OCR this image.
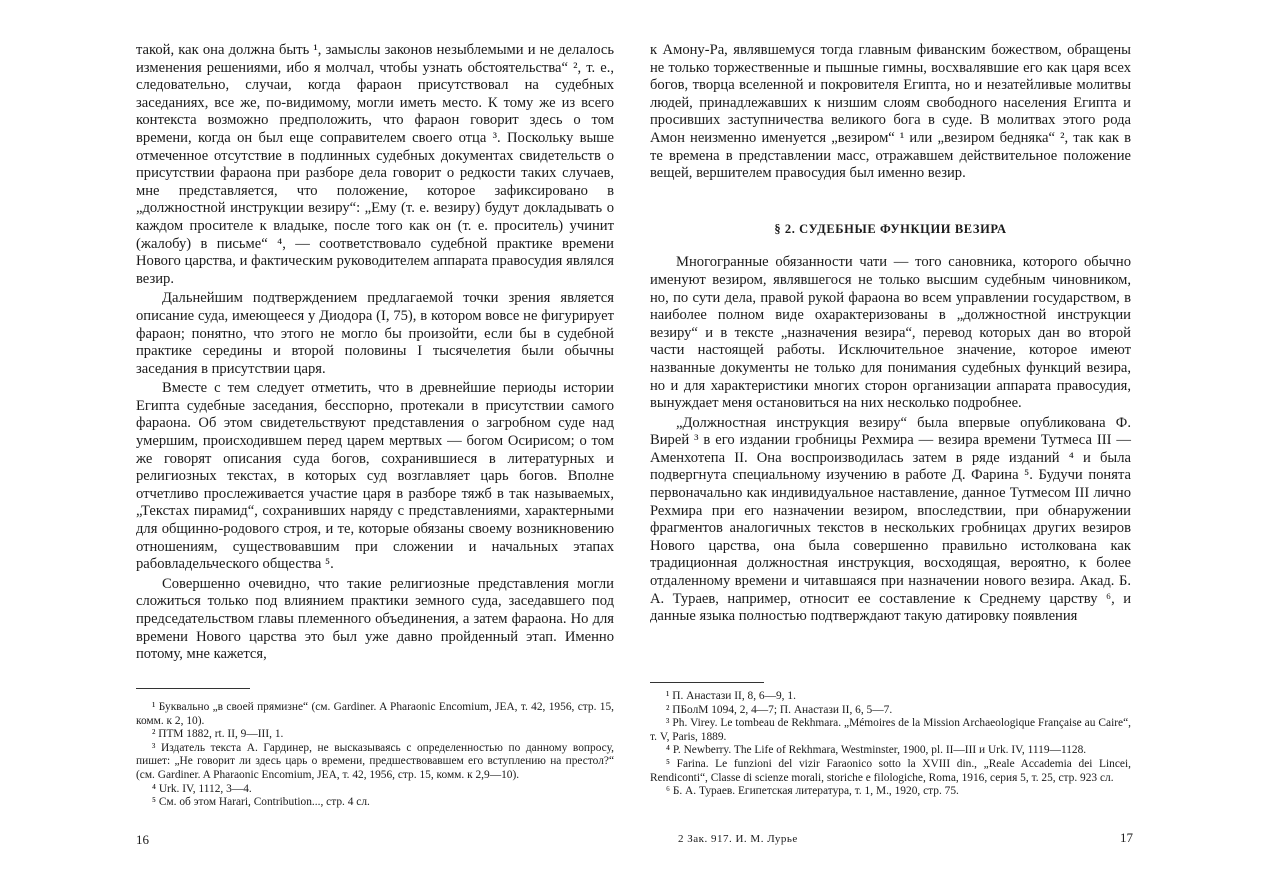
такой, как она должна быть ¹, замыслы законов незыблемыми и не делалось изменения решениями, ибо я молчал, чтобы узнать обстоятельства“ ², т. е., следовательно, случаи, когда фараон присутствовал на судебных заседаниях, все же, по-видимому, могли иметь место. К тому же из всего контекста возможно предположить, что фараон говорит здесь о том времени, когда он был еще соправителем своего отца ³. Поскольку выше отмеченное отсутствие в подлинных судебных документах свидетельств о присутствии фараона при разборе дела говорит о редкости таких случаев, мне представляется, что положение, которое зафиксировано в „должностной инструкции везиру“: „Ему (т. е. везиру) будут докладывать о каждом просителе к владыке, после того как он (т. е. проситель) учинит (жалобу) в письме“ ⁴, — соответствовало судебной практике времени Нового царства, и фактическим руководителем аппарата правосудия являлся везир.

Дальнейшим подтверждением предлагаемой точки зрения является описание суда, имеющееся у Диодора (I, 75), в котором вовсе не фигурирует фараон; понятно, что этого не могло бы произойти, если бы в судебной практике середины и второй половины I тысячелетия были обычны заседания в присутствии царя.

Вместе с тем следует отметить, что в древнейшие периоды истории Египта судебные заседания, бесспорно, протекали в присутствии самого фараона. Об этом свидетельствуют представления о загробном суде над умершим, происходившем перед царем мертвых — богом Осирисом; о том же говорят описания суда богов, сохранившиеся в литературных и религиозных текстах, в которых суд возглавляет царь богов. Вполне отчетливо прослеживается участие царя в разборе тяжб в так называемых, „Текстах пирамид“, сохранивших наряду с представлениями, характерными для общинно-родового строя, и те, которые обязаны своему возникновению отношениям, существовавшим при сложении и начальных этапах рабовладельческого общества ⁵.

Совершенно очевидно, что такие религиозные представления могли сложиться только под влиянием практики земного суда, заседавшего под председательством главы племенного объединения, а затем фараона. Но для времени Нового царства это был уже давно пройденный этап. Именно потому, мне кажется,

¹ Буквально „в своей прямизне“ (см. Gardiner. A Pharaonic Encomium, JEA, т. 42, 1956, стр. 15, комм. к 2, 10).

² ПТМ 1882, rt. II, 9—III, 1.

³ Издатель текста А. Гардинер, не высказываясь с определенностью по данному вопросу, пишет: „Не говорит ли здесь царь о времени, предшествовавшем его вступлению на престол?“ (см. Gardiner. A Pharaonic Encomium, JEA, т. 42, 1956, стр. 15, комм. к 2,9—10).

⁴ Urk. IV, 1112, 3—4.

⁵ См. об этом Harari, Contribution..., стр. 4 сл.

16

к Амону-Ра, являвшемуся тогда главным фиванским божеством, обращены не только торжественные и пышные гимны, восхвалявшие его как царя всех богов, творца вселенной и покровителя Египта, но и незатейливые молитвы людей, принадлежавших к низшим слоям свободного населения Египта и просивших заступничества великого бога в суде. В молитвах этого рода Амон неизменно именуется „везиром“ ¹ или „везиром бедняка“ ², так как в те времена в представлении масс, отражавшем действительное положение вещей, вершителем правосудия был именно везир.

§ 2. СУДЕБНЫЕ ФУНКЦИИ ВЕЗИРА

Многогранные обязанности чати — того сановника, которого обычно именуют везиром, являвшегося не только высшим судебным чиновником, но, по сути дела, правой рукой фараона во всем управлении государством, в наиболее полном виде охарактеризованы в „должностной инструкции везиру“ и в тексте „назначения везира“, перевод которых дан во второй части настоящей работы. Исключительное значение, которое имеют названные документы не только для понимания судебных функций везира, но и для характеристики многих сторон организации аппарата правосудия, вынуждает меня остановиться на них несколько подробнее.

„Должностная инструкция везиру“ была впервые опубликована Ф. Вирей ³ в его издании гробницы Рехмира — везира времени Тутмеса III — Аменхотепа II. Она воспроизводилась затем в ряде изданий ⁴ и была подвергнута специальному изучению в работе Д. Фарина ⁵. Будучи понята первоначально как индивидуальное наставление, данное Тутмесом III лично Рехмира при его назначении везиром, впоследствии, при обнаружении фрагментов аналогичных текстов в нескольких гробницах других везиров Нового царства, она была совершенно правильно истолкована как традиционная должностная инструкция, восходящая, вероятно, к более отдаленному времени и читавшаяся при назначении нового везира. Акад. Б. А. Тураев, например, относит ее составление к Среднему царству ⁶, и данные языка полностью подтверждают такую датировку появления

¹ П. Анастази II, 8, 6—9, 1.

² ПБолМ 1094, 2, 4—7; П. Анастази II, 6, 5—7.

³ Ph. Virey. Le tombeau de Rekhmara. „Mémoires de la Mission Archaeologique Française au Caire“, т. V, Paris, 1889.

⁴ P. Newberry. The Life of Rekhmara, Westminster, 1900, pl. II—III и Urk. IV, 1119—1128.

⁵ Farina. Le funzioni del vizir Faraonico sotto la XVIII din., „Reale Accademia dei Lincei, Rendiconti“, Classe di scienze morali, storiche e filologiche, Roma, 1916, серия 5, т. 25, стр. 923 сл.

⁶ Б. А. Тураев. Египетская литература, т. 1, М., 1920, стр. 75.

2 Зак. 917. И. М. Лурье	17
